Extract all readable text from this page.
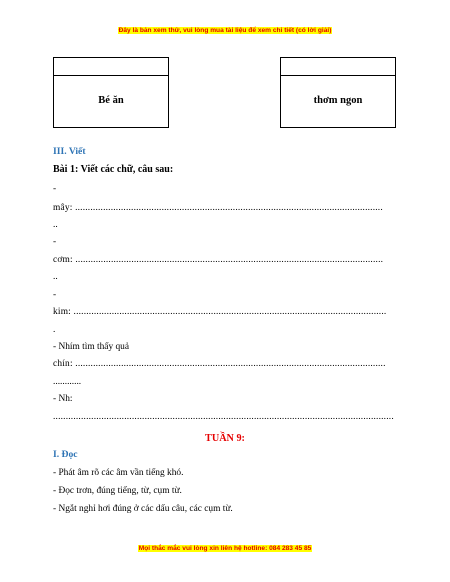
Đây là bản xem thử, vui lòng mua tài liệu để xem chi tiết (có lời giải)
Bé ăn	thơm ngon
III. Viết
Bài 1: Viết các chữ, câu sau:
-
mây: .........................................................................................................................
..
-
cơm: .........................................................................................................................
..
-
kim: ...........................................................................................................................
.
- Nhím tìm thấy quả
chín: ..........................................................................................................................
............
- Nh:
......................................................................................................................................
TUẦN 9:
I. Đọc
- Phát âm rõ các âm vần tiếng khó.
- Đọc trơn, đúng tiếng, từ, cụm từ.
- Ngắt nghỉ hơi đúng ở các dấu câu, các cụm từ.
Mọi thắc mắc vui lòng xin liên hệ hotline: 084 283 45 85
